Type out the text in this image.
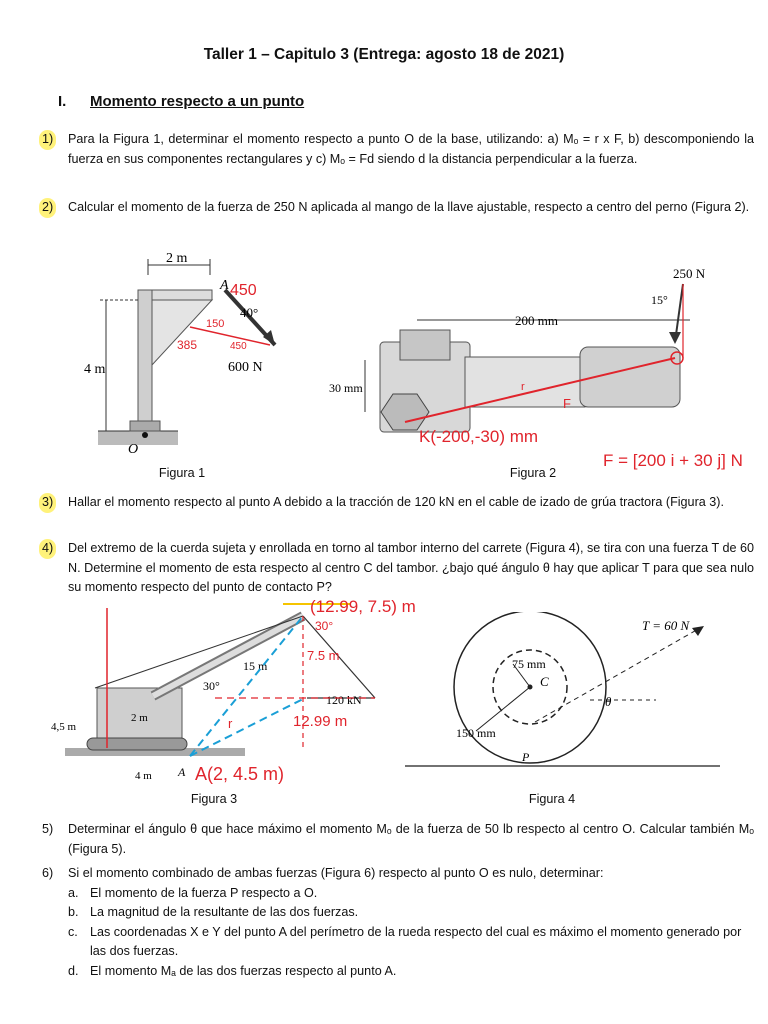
Taller 1 – Capitulo 3 (Entrega: agosto 18 de 2021)
I. Momento respecto a un punto
1)	Para la Figura 1, determinar el momento respecto a punto O de la base, utilizando: a) Mₒ = r x F, b) descomponiendo la fuerza en sus componentes rectangulares y c) Mₒ = Fd siendo d la distancia perpendicular a la fuerza.
2)	Calcular el momento de la fuerza de 250 N aplicada al mango de la llave ajustable, respecto a centro del perno (Figura 2).
2 m
4 m
A
40°
600 N
O
450
150
385	450
Figura 1
200 mm
30 mm
250 N
15°
K(-200,-30) mm
F = [200 i + 30 j] N
r
F
Figura 2
3)	Hallar el momento respecto al punto A debido a la tracción de 120 kN en el cable de izado de grúa tractora (Figura 3).
4)	Del extremo de la cuerda sujeta y enrollada en torno al tambor interno del carrete (Figura 4), se tira con una fuerza T de 60 N. Determine el momento de esta respecto al centro C del tambor. ¿bajo qué ángulo θ hay que aplicar T para que sea nulo su momento respecto del punto de contacto P?
15 m
30°
120 kN
4,5 m
4 m
2 m
A
(12.99, 7.5) m
30°
A(2, 4.5 m)
12.99 m
7.5 m
r
Figura 3
T = 60 N
75 mm
150 mm
C
P
θ
Figura 4
5)	Determinar el ángulo θ que hace máximo el momento Mₒ de la fuerza de 50 lb respecto al centro O. Calcular también Mₒ (Figura 5).
6)	Si el momento combinado de ambas fuerzas (Figura 6) respecto al punto O es nulo, determinar:
a. El momento de la fuerza P respecto a O.
b. La magnitud de la resultante de las dos fuerzas.
c. Las coordenadas X e Y del punto A del perímetro de la rueda respecto del cual es máximo el momento generado por las dos fuerzas.
d. El momento Mₐ de las dos fuerzas respecto al punto A.
